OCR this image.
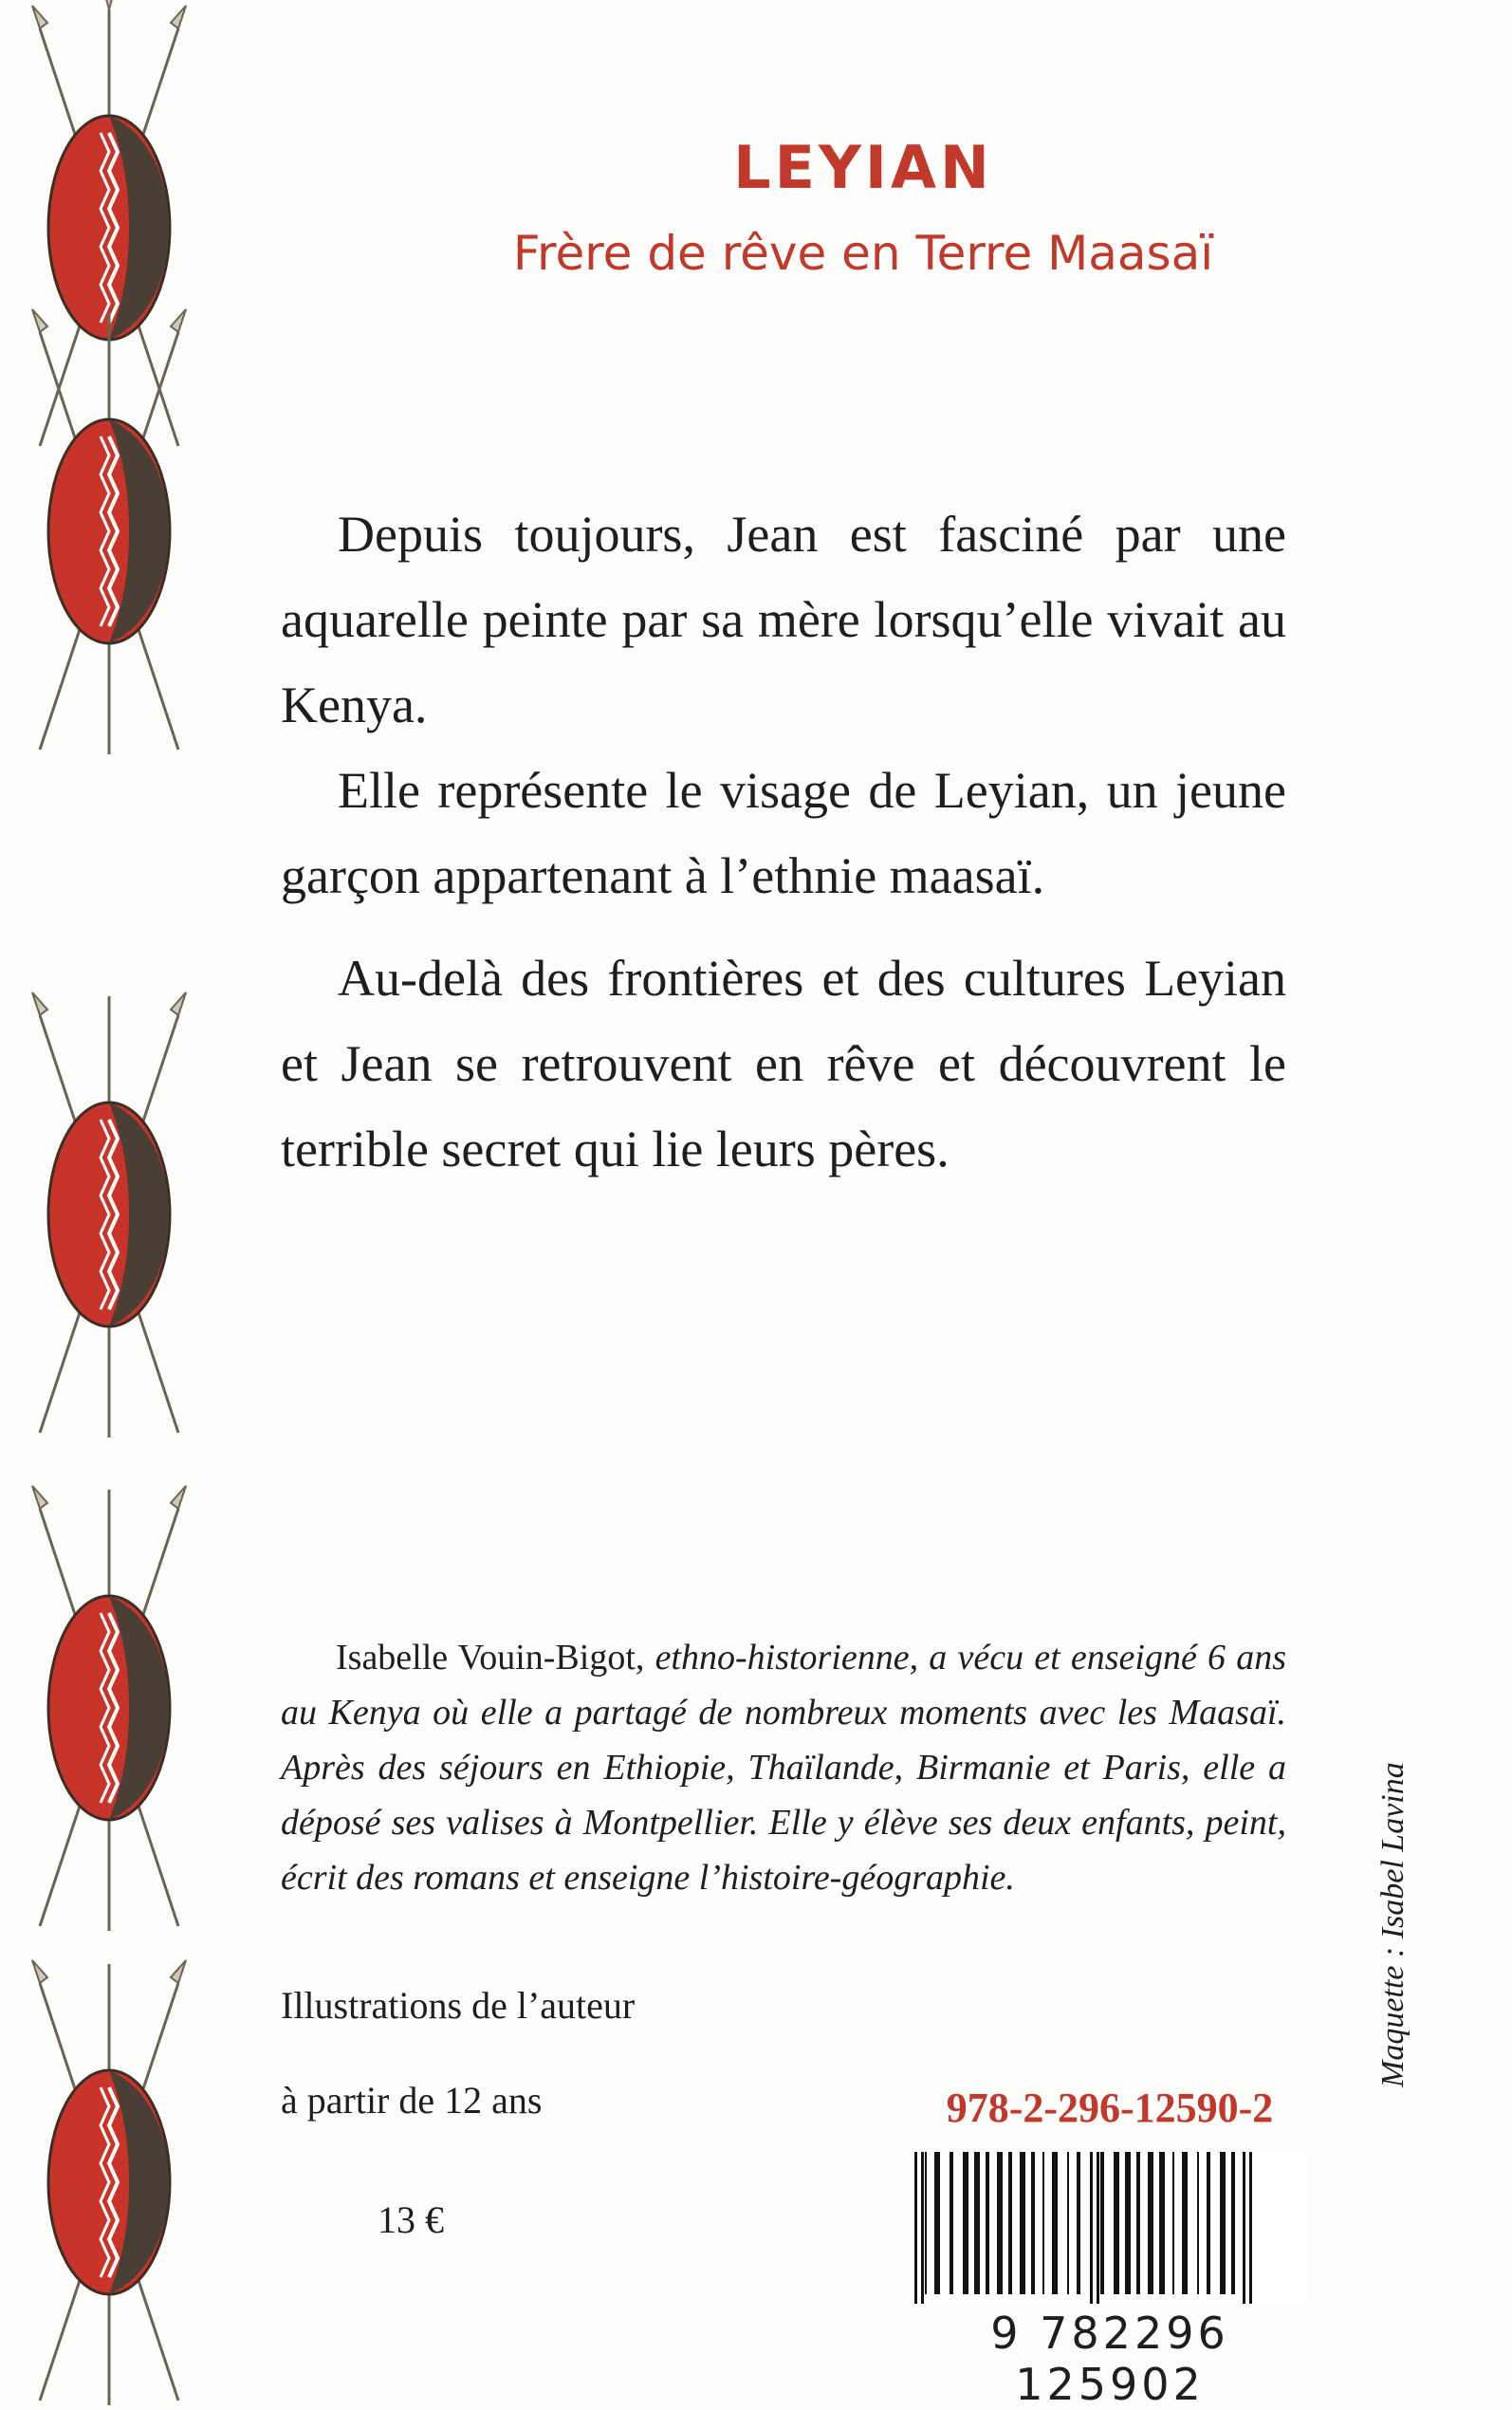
LEYIAN
Frère de rêve en Terre Maasaï

Depuis toujours, Jean est fasciné par une aquarelle peinte par sa mère lorsqu’elle vivait au Kenya.

Elle représente le visage de Leyian, un jeune garçon appartenant à l’ethnie maasaï.

Au-delà des frontières et des cultures Leyian et Jean se retrouvent en rêve et découvrent le terrible secret qui lie leurs pères.

Isabelle Vouin-Bigot, ethno-historienne, a vécu et enseigné 6 ans au Kenya où elle a partagé de nombreux moments avec les Maasaï. Après des séjours en Ethiopie, Thaïlande, Birmanie et Paris, elle a déposé ses valises à Montpellier. Elle y élève ses deux enfants, peint, écrit des romans et enseigne l’histoire-géographie.	Maquette : Isabel Lavina
Illustrations de l’auteur
à partir de 12 ans
13 €
978-2-296-12590-2
9 782296 125902
